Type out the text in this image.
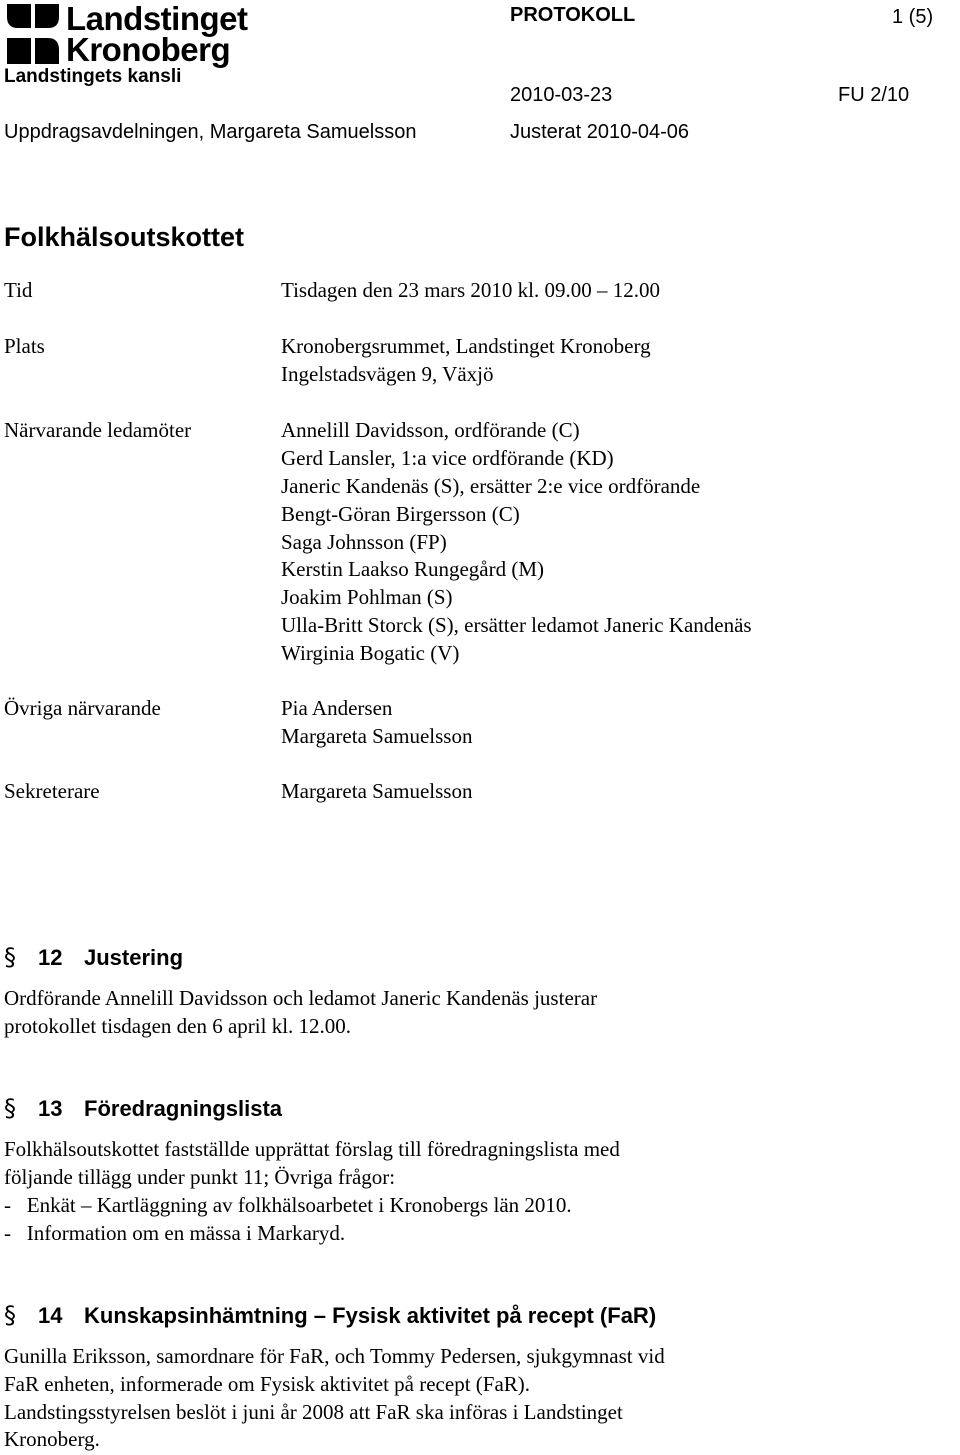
Landstinget
Kronoberg
PROTOKOLL	1 (5)
Landstingets kansli
2010-03-23	FU 2/10
Uppdragsavdelningen, Margareta Samuelsson	Justerat 2010-04-06
Folkhälsoutskottet
Tid	Tisdagen den 23 mars 2010 kl. 09.00 – 12.00
Plats	Kronobergsrummet, Landstinget Kronoberg
Ingelstadsvägen 9, Växjö
Närvarande ledamöter	Annelill Davidsson, ordförande (C)
Gerd Lansler, 1:a vice ordförande (KD)
Janeric Kandenäs (S), ersätter 2:e vice ordförande
Bengt-Göran Birgersson (C)
Saga Johnsson (FP)
Kerstin Laakso Rungegård (M)
Joakim Pohlman (S)
Ulla-Britt Storck (S), ersätter ledamot Janeric Kandenäs
Wirginia Bogatic (V)
Övriga närvarande	Pia Andersen
Margareta Samuelsson
Sekreterare	Margareta Samuelsson
§ 12 Justering
Ordförande Annelill Davidsson och ledamot Janeric Kandenäs justerar
protokollet tisdagen den 6 april kl. 12.00.
§ 13 Föredragningslista
Folkhälsoutskottet fastställde upprättat förslag till föredragningslista med
följande tillägg under punkt 11; Övriga frågor:
-   Enkät – Kartläggning av folkhälsoarbetet i Kronobergs län 2010.
-   Information om en mässa i Markaryd.
§ 14 Kunskapsinhämtning – Fysisk aktivitet på recept (FaR)
Gunilla Eriksson, samordnare för FaR, och Tommy Pedersen, sjukgymnast vid
FaR enheten, informerade om Fysisk aktivitet på recept (FaR).
Landstingsstyrelsen beslöt i juni år 2008 att FaR ska införas i Landstinget
Kronoberg.
